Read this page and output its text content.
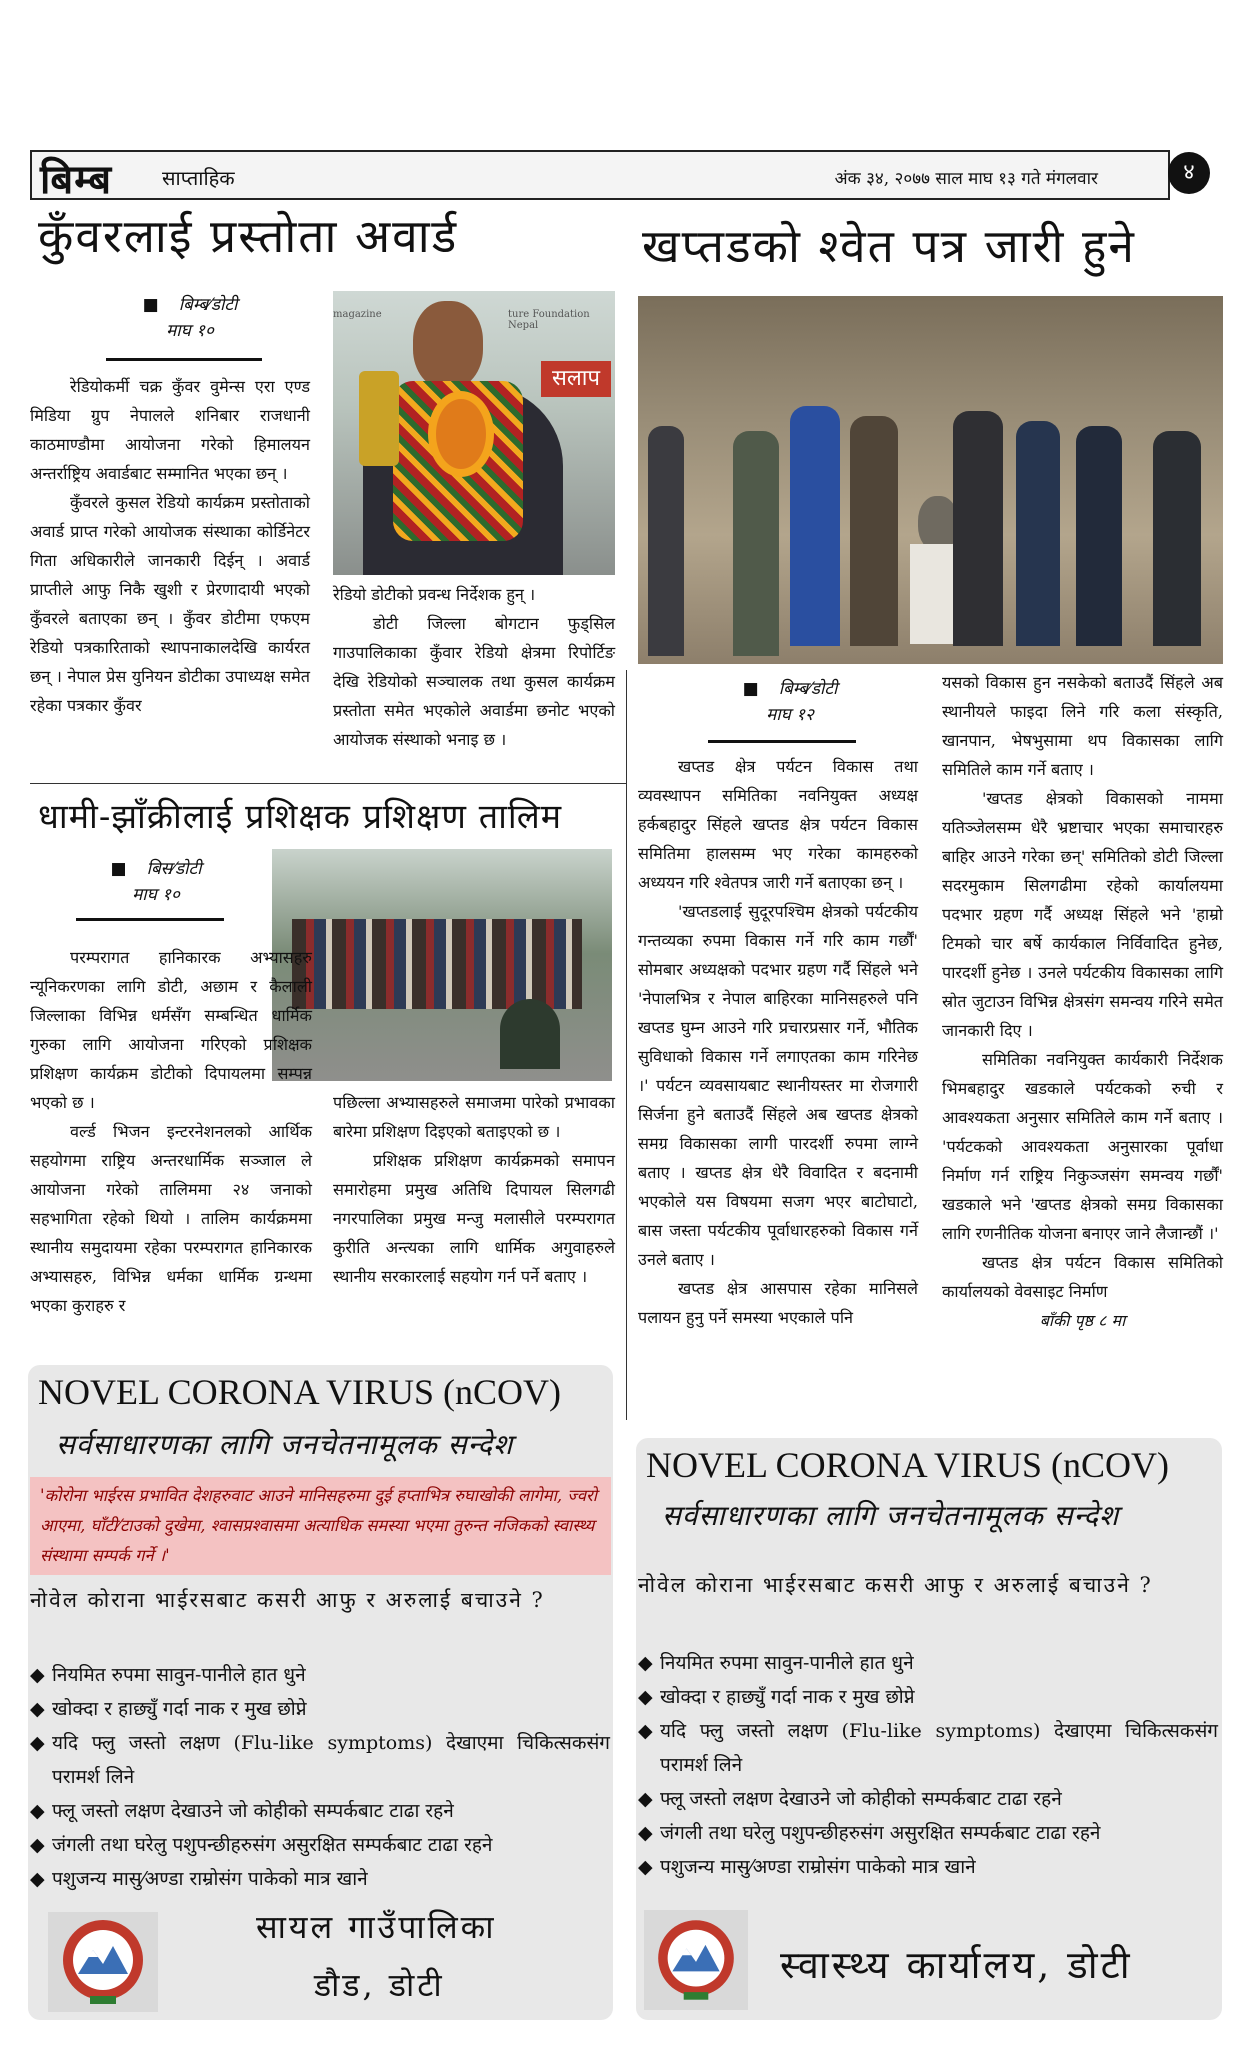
बिम्ब साप्ताहिक	अंक ३४, २०७७ साल माघ १३ गते मंगलवार	४
कुँवरलाई प्रस्तोता अवार्ड
■ बिम्ब⁄डोटी
माघ १०

रेडियोकर्मी चक्र कुँवर वुमेन्स एरा एण्ड मिडिया ग्रुप नेपालले शनिबार राजधानी काठमाण्डौमा आयोजना गरेको हिमालयन अन्तर्राष्ट्रिय अवार्डबाट सम्मानित भएका छन् ।

कुँवरले कुसल रेडियो कार्यक्रम प्रस्तोताको अवार्ड प्राप्त गरेको आयोजक संस्थाका कोर्डिनेटर गिता अधिकारीले जानकारी दिईन् । अवार्ड प्राप्तीले आफु निकै खुशी र प्रेरणादायी भएको कुँवरले बताएका छन् । कुँवर डोटीमा एफएम रेडियो पत्रकारिताको स्थापनाकालदेखि कार्यरत छन् । नेपाल प्रेस युनियन डोटीका उपाध्यक्ष समेत रहेका पत्रकार कुँवर

magazine	ture Foundation Nepal
सलाप

रेडियो डोटीको प्रवन्ध निर्देशक हुन् ।

डोटी जिल्ला बोगटान फुड्सिल गाउपालिकाका कुँवार रेडियो क्षेत्रमा रिपोर्टिङ देखि रेडियोको सञ्चालक तथा कुसल कार्यक्रम प्रस्तोता समेत भएकोले अवार्डमा छनोट भएको आयोजक संस्थाको भनाइ छ ।

खप्तडको श्वेत पत्र जारी हुने
■ बिम्ब⁄डोटी
माघ १२

खप्तड क्षेत्र पर्यटन विकास तथा व्यवस्थापन समितिका नवनियुक्त अध्यक्ष हर्कबहादुर सिंहले खप्तड क्षेत्र पर्यटन विकास समितिमा हालसम्म भए गरेका कामहरुको अध्ययन गरि श्वेतपत्र जारी गर्ने बताएका छन् ।

'खप्तडलाई सुदूरपश्चिम क्षेत्रको पर्यटकीय गन्तव्यका रुपमा विकास गर्ने गरि काम गर्छौं' सोमबार अध्यक्षको पदभार ग्रहण गर्दै सिंहले भने 'नेपालभित्र र नेपाल बाहिरका मानिसहरुले पनि खप्तड घुम्न आउने गरि प्रचारप्रसार गर्ने, भौतिक सुविधाको विकास गर्ने लगाएतका काम गरिनेछ ।' पर्यटन व्यवसायबाट स्थानीयस्तर मा रोजगारी सिर्जना हुने बताउदैं सिंहले अब खप्तड क्षेत्रको समग्र विकासका लागी पारदर्शी रुपमा लाग्ने बताए । खप्तड क्षेत्र धेरै विवादित र बदनामी भएकोले यस विषयमा सजग भएर बाटोघाटो, बास जस्ता पर्यटकीय पूर्वाधारहरुको विकास गर्ने उनले बताए ।

खप्तड क्षेत्र आसपास रहेका मानिसले पलायन हुनु पर्ने समस्या भएकाले पनि

यसको विकास हुन नसकेको बताउदैं सिंहले अब स्थानीयले फाइदा लिने गरि कला संस्कृति, खानपान, भेषभुसामा थप विकासका लागि समितिले काम गर्ने बताए ।

'खप्तड क्षेत्रको विकासको नाममा यतिञ्जेलसम्म धेरै भ्रष्टाचार भएका समाचारहरु बाहिर आउने गरेका छन्' समितिको डोटी जिल्ला सदरमुकाम सिलगढीमा रहेको कार्यालयमा पदभार ग्रहण गर्दै अध्यक्ष सिंहले भने 'हाम्रो टिमको चार बर्षे कार्यकाल निर्विवादित हुनेछ, पारदर्शी हुनेछ । उनले पर्यटकीय विकासका लागि स्रोत जुटाउन विभिन्न क्षेत्रसंग समन्वय गरिने समेत जानकारी दिए ।

समितिका नवनियुक्त कार्यकारी निर्देशक भिमबहादुर खडकाले पर्यटकको रुची र आवश्यकता अनुसार समितिले काम गर्ने बताए । 'पर्यटकको आवश्यकता अनुसारका पूर्वाधा निर्माण गर्न राष्ट्रिय निकुञ्जसंग समन्वय गर्छौं' खडकाले भने 'खप्तड क्षेत्रको समग्र विकासका लागि रणनीतिक योजना बनाएर जाने लैजान्छौं ।'

खप्तड क्षेत्र पर्यटन विकास समितिको कार्यालयको वेवसाइट निर्माण

बाँकी पृष्ठ ८ मा
धामी-झाँक्रीलाई प्रशिक्षक प्रशिक्षण तालिम
■ बिस⁄डोटी
माघ १०

परम्परागत हानिकारक अभ्यासहरु न्यूनिकरणका लागि डोटी, अछाम र कैलाली जिल्लाका विभिन्न धर्मसँग सम्बन्धित धार्मिक गुरुका लागि आयोजना गरिएको प्रशिक्षक प्रशिक्षण कार्यक्रम डोटीको दिपायलमा सम्पन्न भएको छ ।

वर्ल्ड भिजन इन्टरनेशनलको आर्थिक सहयोगमा राष्ट्रिय अन्तरधार्मिक सञ्जाल ले आयोजना गरेको तालिममा २४ जनाको सहभागिता रहेको थियो । तालिम कार्यक्रममा स्थानीय समुदायमा रहेका परम्परागत हानिकारक अभ्यासहरु, विभिन्न धर्मका धार्मिक ग्रन्थमा भएका कुराहरु र

पछिल्ला अभ्यासहरुले समाजमा पारेको प्रभावका बारेमा प्रशिक्षण दिइएको बताइएको छ ।

प्रशिक्षक प्रशिक्षण कार्यक्रमको समापन समारोहमा प्रमुख अतिथि दिपायल सिलगढी नगरपालिका प्रमुख मन्जु मलासीले परम्परागत कुरीति अन्त्यका लागि धार्मिक अगुवाहरुले स्थानीय सरकारलाई सहयोग गर्न पर्ने बताए ।

NOVEL CORONA VIRUS (nCOV)
सर्वसाधारणका लागि जनचेतनामूलक सन्देश
'कोरोना भाईरस प्रभावित देशहरुवाट आउने मानिसहरुमा दुई हप्ताभित्र रुघाखोकी लागेमा, ज्वरो आएमा, घाँटी⁄टाउको दुखेमा, श्वासप्रश्वासमा अत्याधिक समस्या भएमा तुरुन्त नजिकको स्वास्थ्य संस्थामा सम्पर्क गर्ने ।'
नोवेल कोराना भाईरसबाट कसरी आफु र अरुलाई बचाउने ?
◆ नियमित रुपमा सावुन-पानीले हात धुने
◆ खोक्दा र हाछ्युँ गर्दा नाक र मुख छोप्ने
◆ यदि फ्लु जस्तो लक्षण (Flu-like symptoms) देखाएमा चिकित्सकसंग परामर्श लिने
◆ फ्लू जस्तो लक्षण देखाउने जो कोहीको सम्पर्कबाट टाढा रहने
◆ जंगली तथा घरेलु पशुपन्छीहरुसंग असुरक्षित सम्पर्कबाट टाढा रहने
◆ पशुजन्य मासु⁄अण्डा राम्रोसंग पाकेको मात्र खाने
सायल गाउँपालिका
डौड, डोटी
NOVEL CORONA VIRUS (nCOV)
सर्वसाधारणका लागि जनचेतनामूलक सन्देश
नोवेल कोराना भाईरसबाट कसरी आफु र अरुलाई बचाउने ?
◆ नियमित रुपमा सावुन-पानीले हात धुने
◆ खोक्दा र हाछ्युँ गर्दा नाक र मुख छोप्ने
◆ यदि फ्लु जस्तो लक्षण (Flu-like symptoms) देखाएमा चिकित्सकसंग परामर्श लिने
◆ फ्लू जस्तो लक्षण देखाउने जो कोहीको सम्पर्कबाट टाढा रहने
◆ जंगली तथा घरेलु पशुपन्छीहरुसंग असुरक्षित सम्पर्कबाट टाढा रहने
◆ पशुजन्य मासु⁄अण्डा राम्रोसंग पाकेको मात्र खाने
स्वास्थ्य कार्यालय, डोटी
